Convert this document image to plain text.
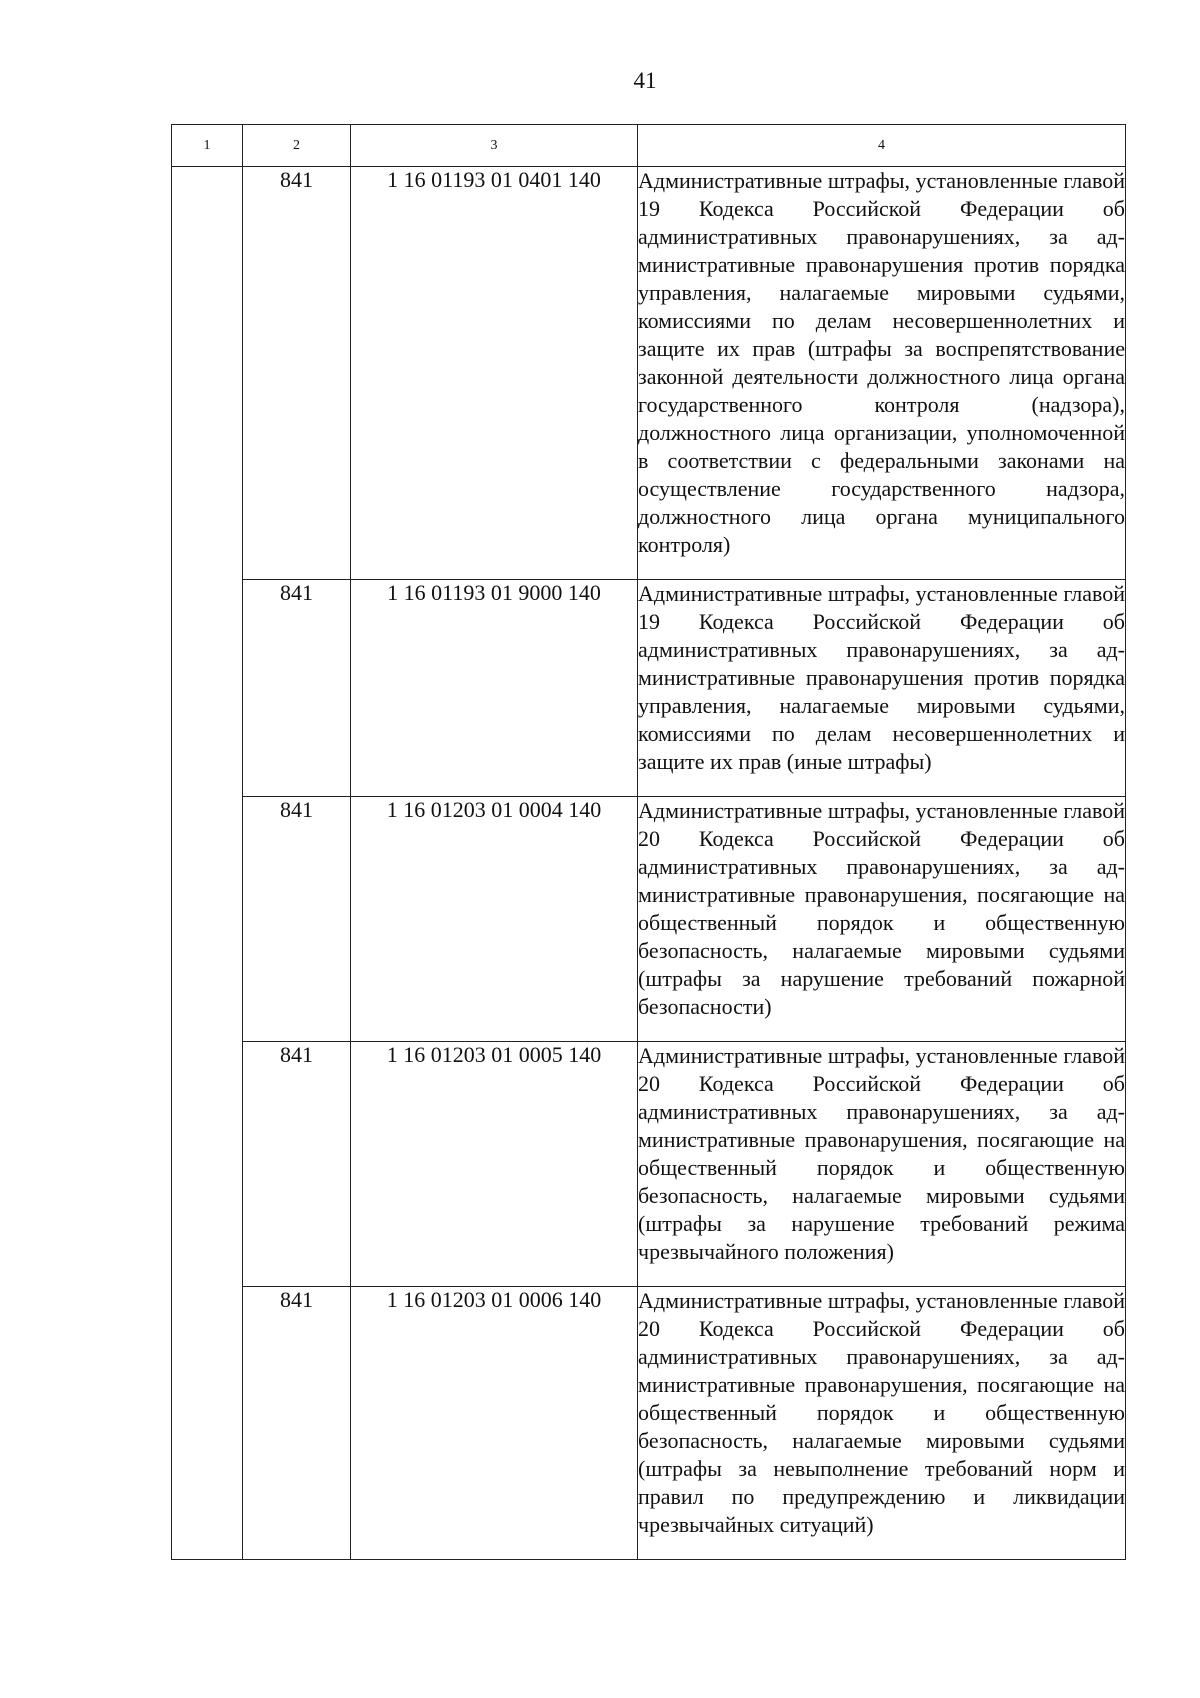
41
1	2	3	4
	841	1 16 01193 01 0401 140	Административные штрафы, установленные главой 19 Кодекса Российской Федерации об административных правонарушениях, за административные правонарушения против порядка управления, налагаемые мировыми судьями, комиссиями по делам несовершеннолетних и защите их прав (штрафы за воспрепятствование законной деятельности должностного лица органа государственного контроля (надзора), должностного лица организации, уполномоченной в соответствии с федеральными законами на осуществление государственного надзора, должностного лица органа муниципального контроля)
	841	1 16 01193 01 9000 140	Административные штрафы, установленные главой 19 Кодекса Российской Федерации об административных правонарушениях, за административные правонарушения против порядка управления, налагаемые мировыми судьями, комиссиями по делам несовершеннолетних и защите их прав (иные штрафы)
	841	1 16 01203 01 0004 140	Административные штрафы, установленные главой 20 Кодекса Российской Федерации об административных правонарушениях, за административные правонарушения, посягающие на общественный порядок и общественную безопасность, налагаемые мировыми судьями (штрафы за нарушение требований пожарной безопасности)
	841	1 16 01203 01 0005 140	Административные штрафы, установленные главой 20 Кодекса Российской Федерации об административных правонарушениях, за административные правонарушения, посягающие на общественный порядок и общественную безопасность, налагаемые мировыми судьями (штрафы за нарушение требований режима чрезвычайного положения)
	841	1 16 01203 01 0006 140	Административные штрафы, установленные главой 20 Кодекса Российской Федерации об административных правонарушениях, за административные правонарушения, посягающие на общественный порядок и общественную безопасность, налагаемые мировыми судьями (штрафы за невыполнение требований норм и правил по предупреждению и ликвидации чрезвычайных ситуаций)
